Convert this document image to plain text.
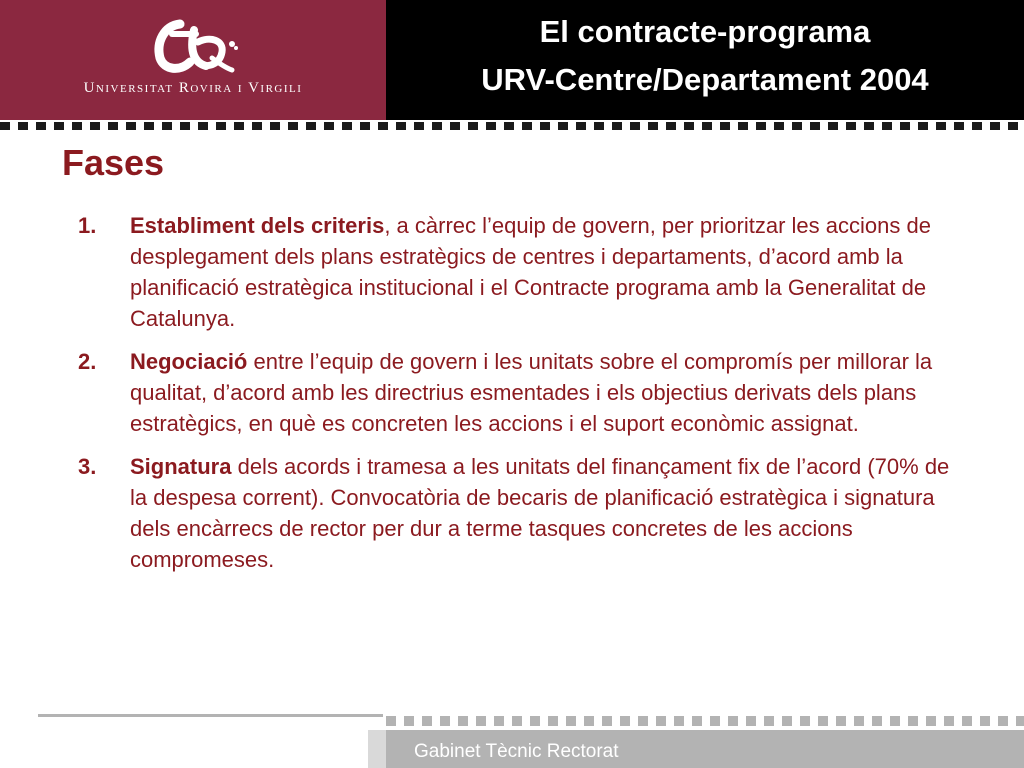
Universitat Rovira i Virgili
El contracte-programa
URV-Centre/Departament 2004
Fases
1. Establiment dels criteris, a càrrec l’equip de govern, per prioritzar les accions de desplegament dels plans estratègics de centres i departaments, d’acord amb la planificació estratègica institucional i el Contracte programa amb la Generalitat de Catalunya.
2. Negociació entre l’equip de govern i les unitats sobre el compromís per millorar la qualitat, d’acord amb les directrius esmentades i els objectius derivats dels plans estratègics, en què es concreten les accions i el suport econòmic assignat.
3. Signatura dels acords i tramesa a les unitats del finançament fix de l’acord (70% de la despesa corrent). Convocatòria de becaris de planificació estratègica i signatura dels encàrrecs de rector per dur a terme tasques concretes de les accions compromeses.
Gabinet Tècnic Rectorat
